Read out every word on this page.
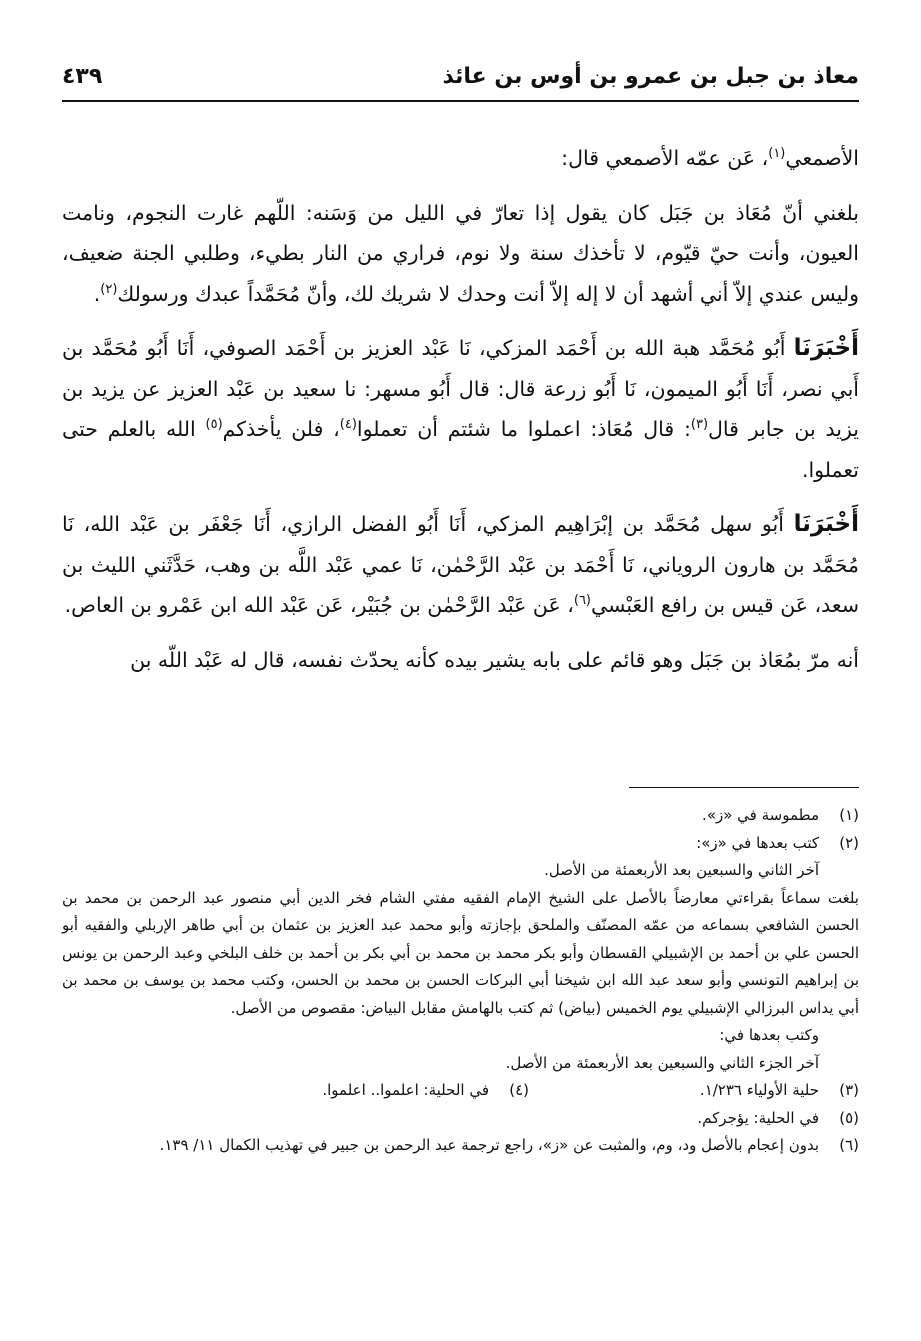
معاذ بن جبل بن عمرو بن أوس بن عائذ
٤٣٩

الأصمعي$^{(١)}$، عَن عمّه الأصمعي قال:

بلغني أنّ مُعَاذ بن جَبَل كان يقول إذا تعارّ في الليل من وَسَنه: اللّهم غارت النجوم، ونامت العيون، وأنت حيّ قيّوم، لا تأخذك سنة ولا نوم، فراري من النار بطيء، وطلبي الجنة ضعيف، وليس عندي إلاّ أني أشهد أن لا إله إلاّ أنت وحدك لا شريك لك، وأنّ مُحَمَّداً عبدك ورسولك$^{(٢)}$.

أَخْبَرَنَا أَبُو مُحَمَّد هبة الله بن أَحْمَد المزكي، نَا عَبْد العزيز بن أَحْمَد الصوفي، أَنَا أَبُو مُحَمَّد بن أَبي نصر، أَنَا أَبُو الميمون، نَا أَبُو زرعة قال: قال أَبُو مسهر: نا سعيد بن عَبْد العزيز عن يزيد بن يزيد بن جابر قال$^{(٣)}$: قال مُعَاذ: اعملوا ما شئتم أن تعملوا$^{(٤)}$، فلن يأخذكم$^{(٥)}$ الله بالعلم حتى تعملوا.

أَخْبَرَنَا أَبُو سهل مُحَمَّد بن إبْرَاهِيم المزكي، أَنَا أَبُو الفضل الرازي، أَنَا جَعْفَر بن عَبْد الله، نَا مُحَمَّد بن هارون الروياني، نَا أَحْمَد بن عَبْد الرَّحْمٰن، نَا عمي عَبْد اللَّه بن وهب، حَدَّثَني الليث بن سعد، عَن قيس بن رافع العَبْسي$^{(٦)}$، عَن عَبْد الرَّحْمٰن بن جُبَيْر، عَن عَبْد الله ابن عَمْرو بن العاص.

أنه مرّ بمُعَاذ بن جَبَل وهو قائم على بابه يشير بيده كأنه يحدّث نفسه، قال له عَبْد اللّه بن

(١)
مطموسة في «ز».
(٢)
كتب بعدها في «ز»:
آخر الثاني والسبعين بعد الأربعمئة من الأصل.
بلغت سماعاً بقراءتي معارضاً بالأصل على الشيخ الإمام الفقيه مفتي الشام فخر الدين أبي منصور عبد الرحمن بن محمد بن الحسن الشافعي بسماعه من عمّه المصنّف والملحق بإجازته وأبو محمد عبد العزيز بن عثمان بن أبي طاهر الإربلي والفقيه أبو الحسن علي بن أحمد بن الإشبيلي القسطان وأبو بكر محمد بن محمد بن أبي بكر بن أحمد بن خلف البلخي وعبد الرحمن بن يونس بن إبراهيم التونسي وأبو سعد عبد الله ابن شيخنا أبي البركات الحسن بن محمد بن الحسن، وكتب محمد بن يوسف بن محمد بن أبي يداس البرزالي الإشبيلي يوم الخميس (بياض) ثم كتب بالهامش مقابل البياض: مقصوص من الأصل.
وكتب بعدها في:
آخر الجزء الثاني والسبعين بعد الأربعمئة من الأصل.
(٣)
حلية الأولياء ١/٢٣٦.
(٤)
في الحلية: اعلموا.. اعلموا.
(٥)
في الحلية: يؤجركم.
(٦)
بدون إعجام بالأصل ود، وم، والمثبت عن «ز»، راجع ترجمة عبد الرحمن بن جبير في تهذيب الكمال ١١/ ١٣٩.
